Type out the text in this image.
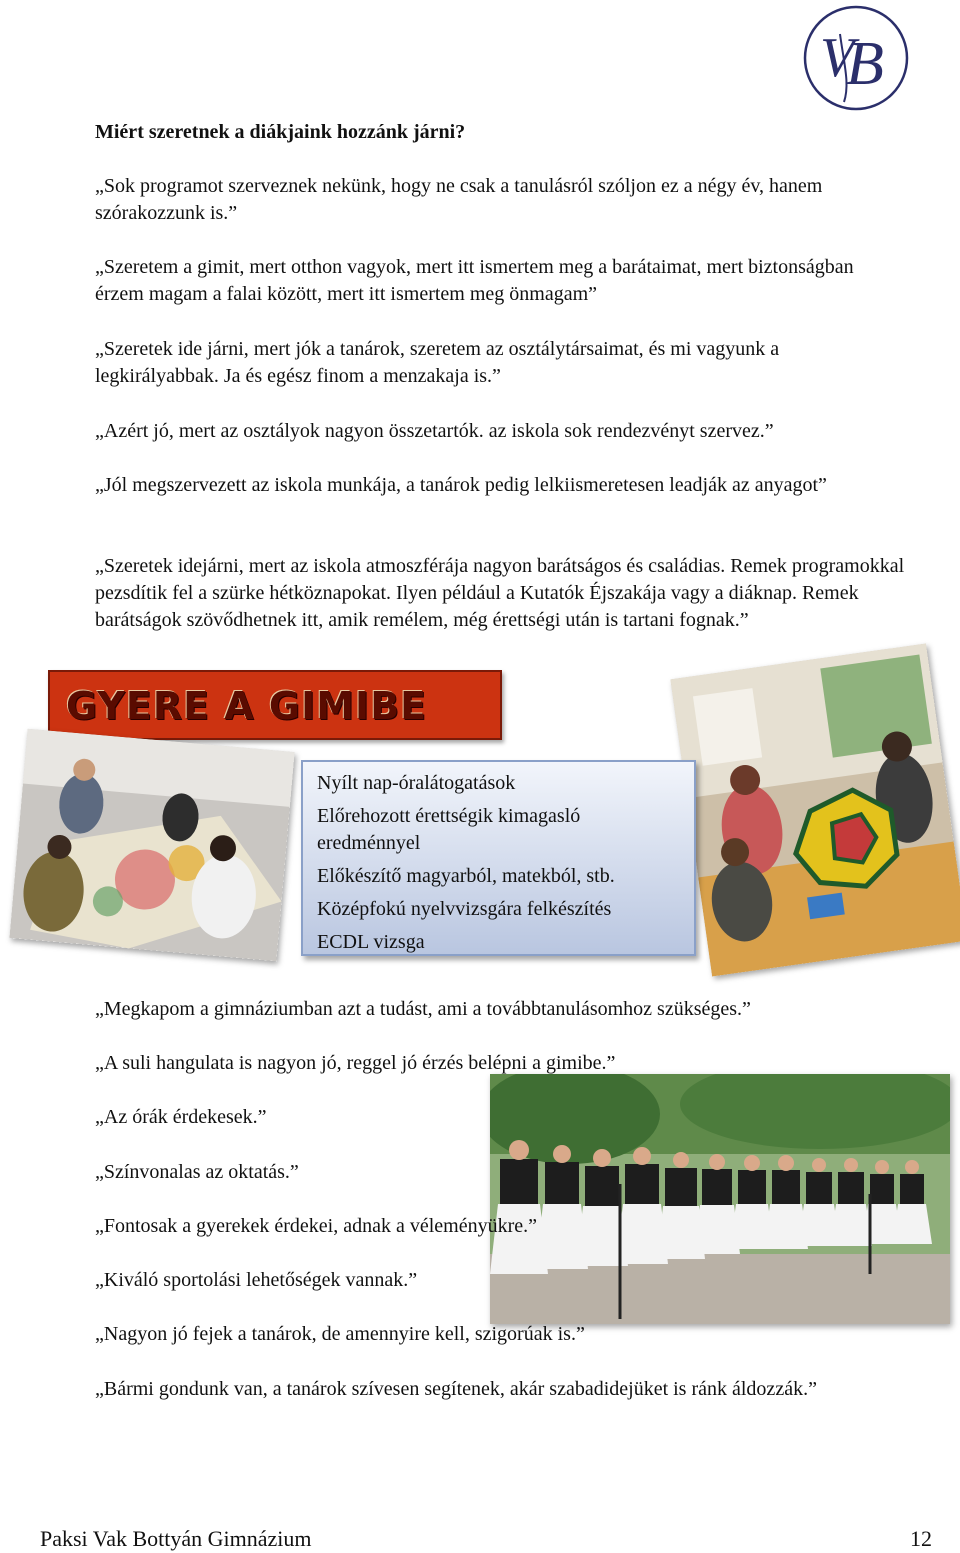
V
B

Miért szeretnek a diákjaink hozzánk járni?

„Sok programot szerveznek nekünk, hogy ne csak a tanulásról szóljon ez a négy év, hanem szórakozzunk is.”

„Szeretem a gimit, mert otthon vagyok, mert itt ismertem meg a barátaimat, mert biztonságban érzem magam a falai között, mert itt ismertem meg önmagam”

„Szeretek ide járni, mert jók a tanárok, szeretem az osztálytársaimat, és mi vagyunk a legkirályabbak. Ja és egész finom a menzakaja is.”

„Azért jó, mert az osztályok nagyon összetartók. az iskola sok rendezvényt szervez.”

„Jól megszervezett az iskola munkája, a tanárok pedig lelkiismeretesen leadják az anyagot”

„Szeretek idejárni, mert az iskola atmoszférája nagyon barátságos és családias. Remek programokkal pezsdítik fel a szürke hétköznapokat. Ilyen például a Kutatók Éjszakája vagy a diáknap. Remek barátságok szövődhetnek itt, amik remélem, még érettségi után is tartani fognak.”

GYERE A GIMIBE
Nyílt nap-óralátogatások
Előrehozott érettségik kimagasló eredménnyel
Előkészítő magyarból, matekból, stb.
Középfokú nyelvvizsgára felkészítés
ECDL vizsga

„Megkapom a gimnáziumban azt a tudást, ami a továbbtanulásomhoz szükséges.”

„A suli hangulata is nagyon jó, reggel jó érzés belépni a gimibe.”

„Az órák érdekesek.”

„Színvonalas az oktatás.”

„Fontosak a gyerekek érdekei, adnak a véleményükre.”

„Kiváló sportolási lehetőségek vannak.”

„Nagyon jó fejek a tanárok, de amennyire kell, szigorúak is.”

„Bármi gondunk van, a tanárok szívesen segítenek, akár szabadidejüket is ránk áldozzák.”

Paksi Vak Bottyán Gimnázium	12
